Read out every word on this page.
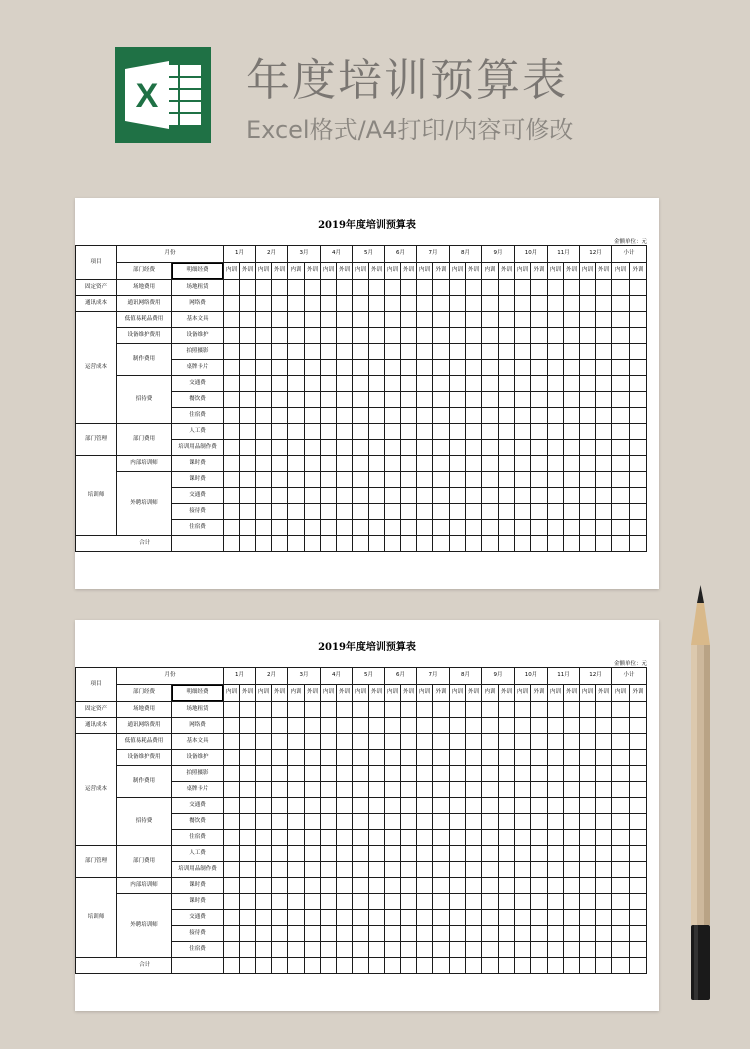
X 年度培训预算表
Excel格式/A4打印/内容可修改
2019年度培训预算表
金额单位：元
项目	月份		1月		2月		3月		4月		5月		6月		7月		8月		9月		10月		11月		12月		小计	
	部门经费	明细经费	内训	外训	内训	外训	内训	外训	内训	外训	内训	外训	内训	外训	内训	外训	内训	外训	内训	外训	内训	外训	内训	外训	内训	外训	内训	外训
固定资产	场地费用	场地租赁																										
通讯成本	通讯网络费用	网络费																										
运营成本	低值易耗品费用	基本文具																										
	设备维护费用	设备维护																										
	制作费用	拍照摄影																										
		桌牌卡片																										
	招待费	交通费																										
		餐饮费																										
		住宿费																										
部门管理	部门费用	人工费																										
		培训用品制作费																										
培训师	内部培训师	课时费																										
	外聘培训师	课时费																										
		交通费																										
		接待费																										
		住宿费																										
	合计																											
2019年度培训预算表
金额单位：元
项目	月份		1月		2月		3月		4月		5月		6月		7月		8月		9月		10月		11月		12月		小计	
	部门经费	明细经费	内训	外训	内训	外训	内训	外训	内训	外训	内训	外训	内训	外训	内训	外训	内训	外训	内训	外训	内训	外训	内训	外训	内训	外训	内训	外训
固定资产	场地费用	场地租赁																										
通讯成本	通讯网络费用	网络费																										
运营成本	低值易耗品费用	基本文具																										
	设备维护费用	设备维护																										
	制作费用	拍照摄影																										
		桌牌卡片																										
	招待费	交通费																										
		餐饮费																										
		住宿费																										
部门管理	部门费用	人工费																										
		培训用品制作费																										
培训师	内部培训师	课时费																										
	外聘培训师	课时费																										
		交通费																										
		接待费																										
		住宿费																										
	合计																											
